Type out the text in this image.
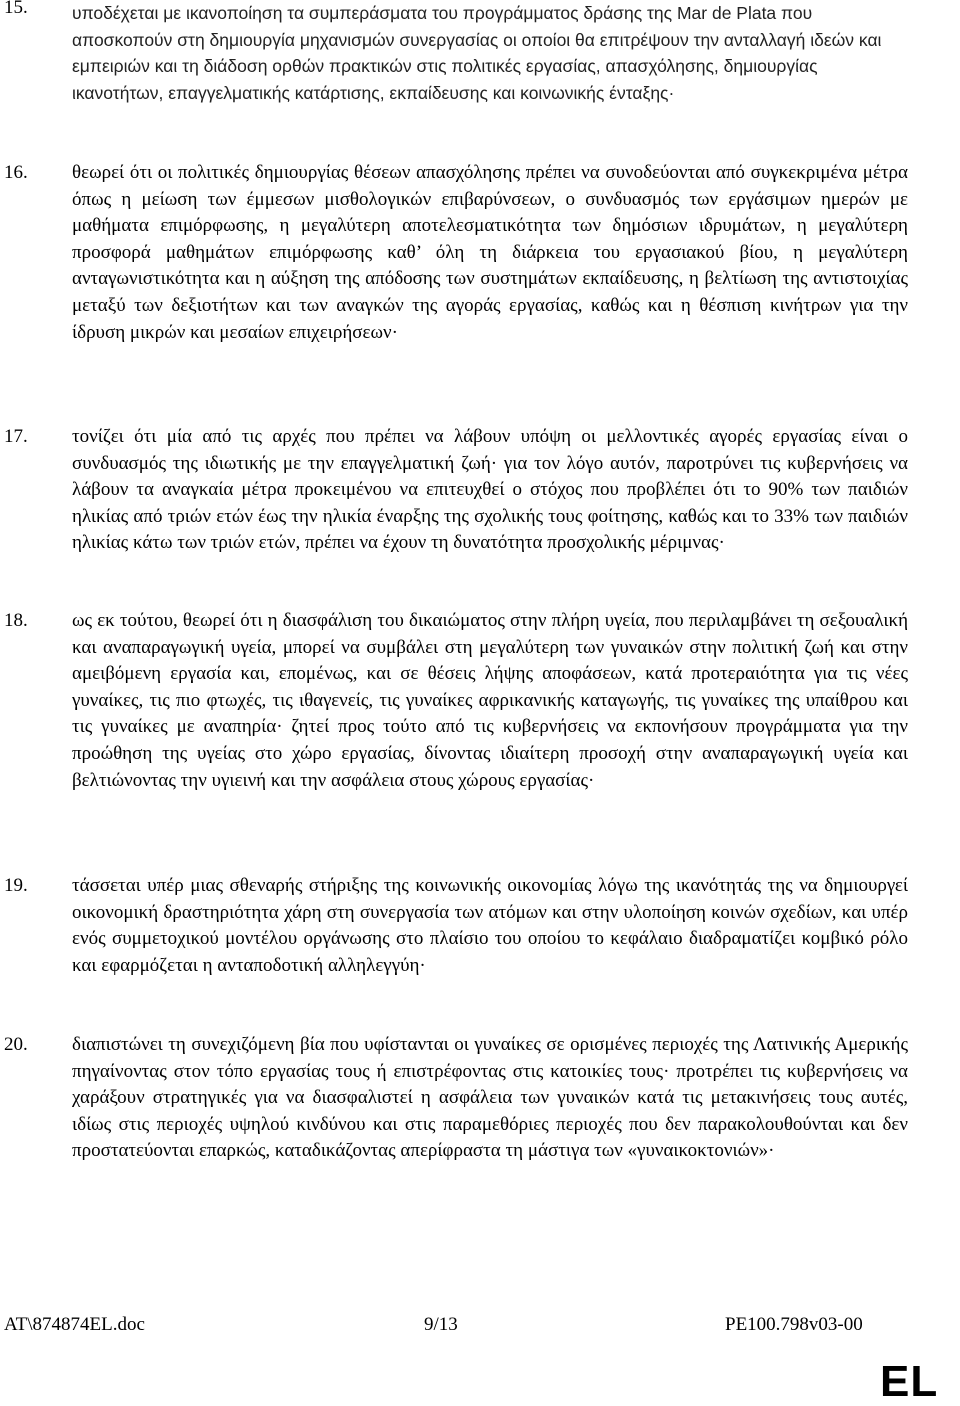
15.	υποδέχεται με ικανοποίηση τα συμπεράσματα του προγράμματος δράσης της Mar de Plata που αποσκοπούν στη δημιουργία μηχανισμών συνεργασίας οι οποίοι θα επιτρέψουν την ανταλλαγή ιδεών και εμπειριών και τη διάδοση ορθών πρακτικών στις πολιτικές εργασίας, απασχόλησης, δημιουργίας ικανοτήτων, επαγγελματικής κατάρτισης, εκπαίδευσης και κοινωνικής ένταξης·
16. θεωρεί ότι οι πολιτικές δημιουργίας θέσεων απασχόλησης πρέπει να συνοδεύονται από συγκεκριμένα μέτρα όπως η μείωση των έμμεσων μισθολογικών επιβαρύνσεων, ο συνδυασμός των εργάσιμων ημερών με μαθήματα επιμόρφωσης, η μεγαλύτερη αποτελεσματικότητα των δημόσιων ιδρυμάτων, η μεγαλύτερη προσφορά μαθημάτων επιμόρφωσης καθ’ όλη τη διάρκεια του εργασιακού βίου, η μεγαλύτερη ανταγωνιστικότητα και η αύξηση της απόδοσης των συστημάτων εκπαίδευσης, η βελτίωση της αντιστοιχίας μεταξύ των δεξιοτήτων και των αναγκών της αγοράς εργασίας, καθώς και η θέσπιση κινήτρων για την ίδρυση μικρών και μεσαίων επιχειρήσεων·
17. τονίζει ότι μία από τις αρχές που πρέπει να λάβουν υπόψη οι μελλοντικές αγορές εργασίας είναι ο συνδυασμός της ιδιωτικής με την επαγγελματική ζωή· για τον λόγο αυτόν, παροτρύνει τις κυβερνήσεις να λάβουν τα αναγκαία μέτρα προκειμένου να επιτευχθεί ο στόχος που προβλέπει ότι το 90% των παιδιών ηλικίας από τριών ετών έως την ηλικία έναρξης της σχολικής τους φοίτησης, καθώς και το 33% των παιδιών ηλικίας κάτω των τριών ετών, πρέπει να έχουν τη δυνατότητα προσχολικής μέριμνας·
18. ως εκ τούτου, θεωρεί ότι η διασφάλιση του δικαιώματος στην πλήρη υγεία, που περιλαμβάνει τη σεξουαλική και αναπαραγωγική υγεία, μπορεί να συμβάλει στη μεγαλύτερη των γυναικών στην πολιτική ζωή και στην αμειβόμενη εργασία και, επομένως, και σε θέσεις λήψης αποφάσεων, κατά προτεραιότητα για τις νέες γυναίκες, τις πιο φτωχές, τις ιθαγενείς, τις γυναίκες αφρικανικής καταγωγής, τις γυναίκες της υπαίθρου και τις γυναίκες με αναπηρία· ζητεί προς τούτο από τις κυβερνήσεις να εκπονήσουν προγράμματα για την προώθηση της υγείας στο χώρο εργασίας, δίνοντας ιδιαίτερη προσοχή στην αναπαραγωγική υγεία και βελτιώνοντας την υγιεινή και την ασφάλεια στους χώρους εργασίας·
19. τάσσεται υπέρ μιας σθεναρής στήριξης της κοινωνικής οικονομίας λόγω της ικανότητάς της να δημιουργεί οικονομική δραστηριότητα χάρη στη συνεργασία των ατόμων και στην υλοποίηση κοινών σχεδίων, και υπέρ ενός συμμετοχικού μοντέλου οργάνωσης στο πλαίσιο του οποίου το κεφάλαιο διαδραματίζει κομβικό ρόλο και εφαρμόζεται η ανταποδοτική αλληλεγγύη·
20. διαπιστώνει τη συνεχιζόμενη βία που υφίστανται οι γυναίκες σε ορισμένες περιοχές της Λατινικής Αμερικής πηγαίνοντας στον τόπο εργασίας τους ή επιστρέφοντας στις κατοικίες τους· προτρέπει τις κυβερνήσεις να χαράξουν στρατηγικές για να διασφαλιστεί η ασφάλεια των γυναικών κατά τις μετακινήσεις τους αυτές, ιδίως στις περιοχές υψηλού κινδύνου και στις παραμεθόριες περιοχές που δεν παρακολουθούνται και δεν προστατεύονται επαρκώς, καταδικάζοντας απερίφραστα τη μάστιγα των «γυναικοκτονιών»·
AT\874874EL.doc	9/13	PE100.798v03-00
EL
